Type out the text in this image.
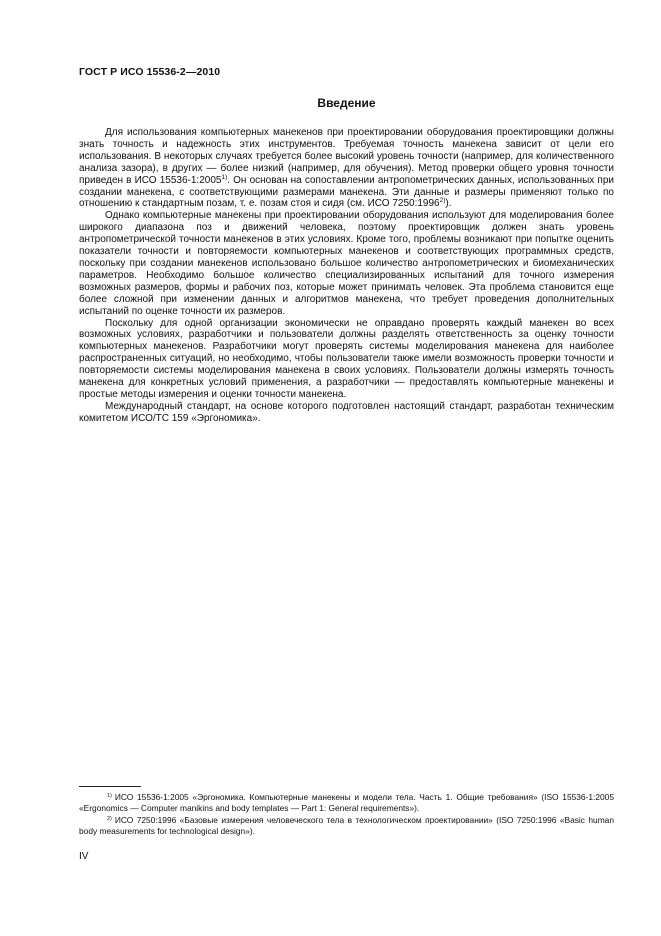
ГОСТ Р ИСО 15536-2—2010
Введение

Для использования компьютерных манекенов при проектировании оборудования проектировщики должны знать точность и надежность этих инструментов. Требуемая точность манекена зависит от цели его использования. В некоторых случаях требуется более высокий уровень точности (например, для количественного анализа зазора), в других — более низкий (например, для обучения). Метод проверки общего уровня точности приведен в ИСО 15536-1:2005$^{1)}$. Он основан на сопоставлении антропометрических данных, использованных при создании манекена, с соответствующими размерами манекена. Эти данные и размеры применяют только по отношению к стандартным позам, т. е. позам стоя и сидя (см. ИСО 7250:1996$^{2)}$).

Однако компьютерные манекены при проектировании оборудования используют для моделирования более широкого диапазона поз и движений человека, поэтому проектировщик должен знать уровень антропометрической точности манекенов в этих условиях. Кроме того, проблемы возникают при попытке оценить показатели точности и повторяемости компьютерных манекенов и соответствующих программных средств, поскольку при создании манекенов использовано большое количество антропометрических и биомеханических параметров. Необходимо большое количество специализированных испытаний для точного измерения возможных размеров, формы и рабочих поз, которые может принимать человек. Эта проблема становится еще более сложной при изменении данных и алгоритмов манекена, что требует проведения дополнительных испытаний по оценке точности их размеров.

Поскольку для одной организации экономически не оправдано проверять каждый манекен во всех возможных условиях, разработчики и пользователи должны разделять ответственность за оценку точности компьютерных манекенов. Разработчики могут проверять системы моделирования манекена для наиболее распространенных ситуаций, но необходимо, чтобы пользователи также имели возможность проверки точности и повторяемости системы моделирования манекена в своих условиях. Пользователи должны измерять точность манекена для конкретных условий применения, а разработчики — предоставлять компьютерные манекены и простые методы измерения и оценки точности манекена.

Международный стандарт, на основе которого подготовлен настоящий стандарт, разработан техническим комитетом ИСО/ТС 159 «Эргономика».

$^{1)}$ ИСО 15536-1:2005 «Эргономика. Компьютерные манекены и модели тела. Часть 1. Общие требования» (ISO 15536-1:2005 «Ergonomics — Computer manikins and body templates — Part 1: General requirements»).

$^{2)}$ ИСО 7250:1996 «Базовые измерения человеческого тела в технологическом проектировании» (ISO 7250:1996 «Basic human body measurements for technological design»).

IV
